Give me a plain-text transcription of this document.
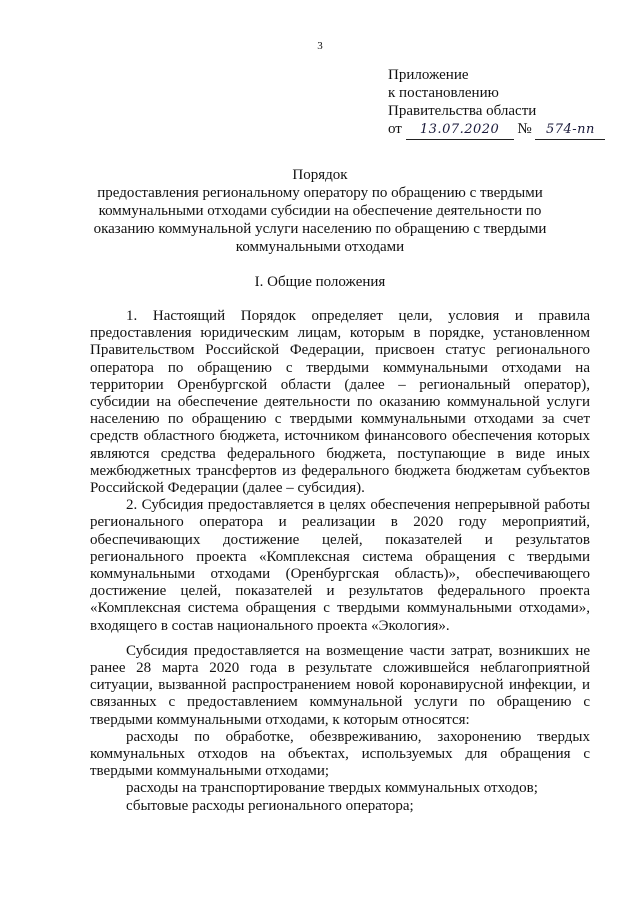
3
Приложение
к постановлению
Правительства области
от 13.07.2020 № 574-пп
Порядок
предоставления региональному оператору по обращению с твердыми коммунальными отходами субсидии на обеспечение деятельности по оказанию коммунальной услуги населению по обращению с твердыми коммунальными отходами
I. Общие положения

1. Настоящий Порядок определяет цели, условия и правила предоставления юридическим лицам, которым в порядке, установленном Правительством Российской Федерации, присвоен статус регионального оператора по обращению с твердыми коммунальными отходами на территории Оренбургской области (далее – региональный оператор), субсидии на обеспечение деятельности по оказанию коммунальной услуги населению по обращению с твердыми коммунальными отходами за счет средств областного бюджета, источником финансового обеспечения которых являются средства федерального бюджета, поступающие в виде иных межбюджетных трансфертов из федерального бюджета бюджетам субъектов Российской Федерации (далее – субсидия).

2. Субсидия предоставляется в целях обеспечения непрерывной работы регионального оператора и реализации в 2020 году мероприятий, обеспечивающих достижение целей, показателей и результатов регионального проекта «Комплексная система обращения с твердыми коммунальными отходами (Оренбургская область)», обеспечивающего достижение целей, показателей и результатов федерального проекта «Комплексная система обращения с твердыми коммунальными отходами», входящего в состав национального проекта «Экология».

Субсидия предоставляется на возмещение части затрат, возникших не ранее 28 марта 2020 года в результате сложившейся неблагоприятной ситуации, вызванной распространением новой коронавирусной инфекции, и связанных с предоставлением коммунальной услуги по обращению с твердыми коммунальными отходами, к которым относятся:

расходы по обработке, обезвреживанию, захоронению твердых коммунальных отходов на объектах, используемых для обращения с твердыми коммунальными отходами;

расходы на транспортирование твердых коммунальных отходов;

сбытовые расходы регионального оператора;
